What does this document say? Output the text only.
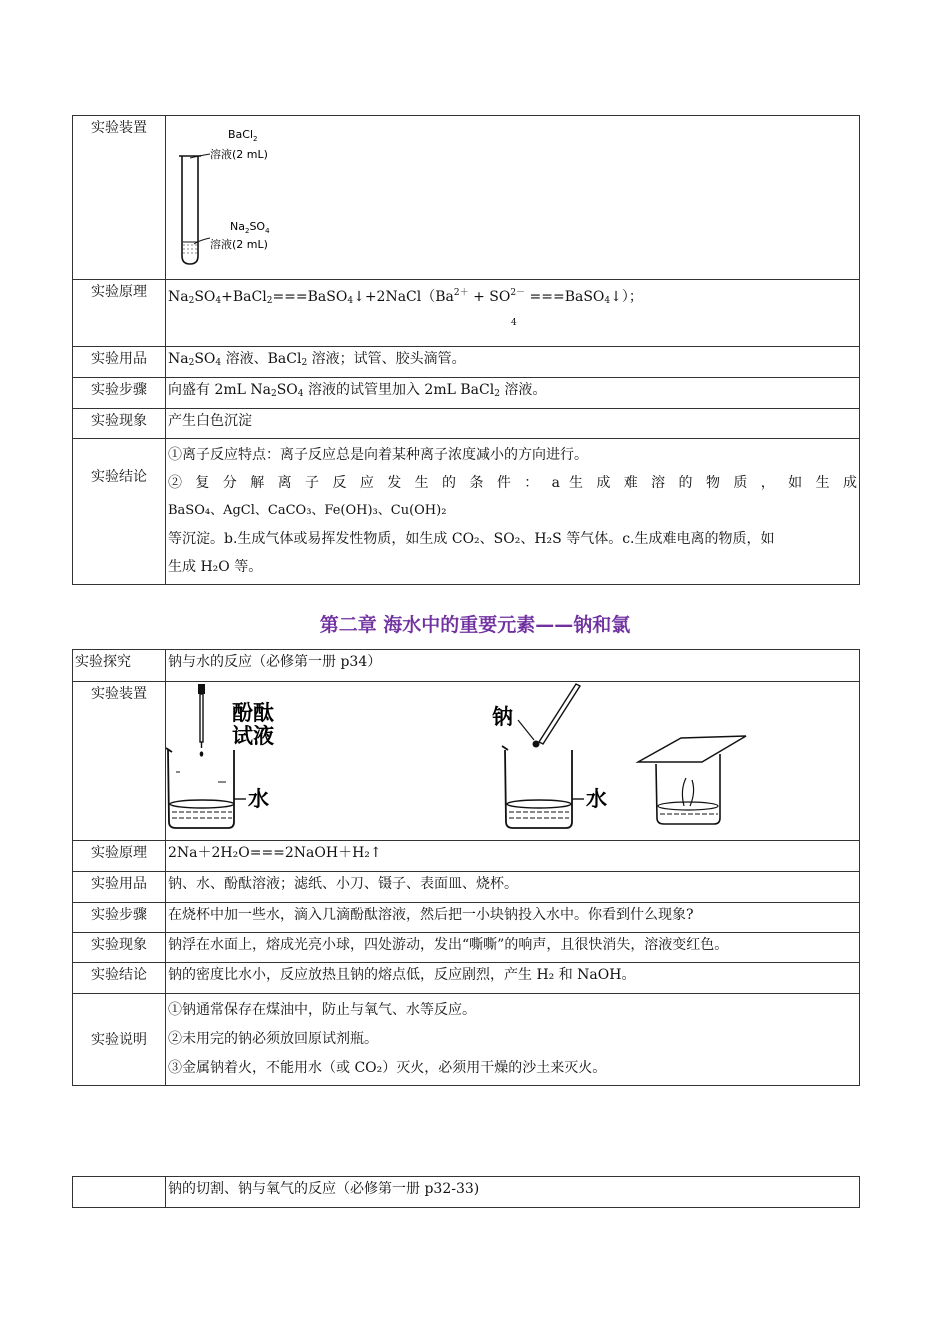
实验装置	BaCl$_2$
溶液(2 mL)
$Na_2SO_4$
溶液(2 mL)

实验原理	$Na_2SO_4+BaCl_2===BaSO_4↓+2NaCl(Ba^{2+} + SO^{2-}$ ===BaSO$_4$↓）；
4

实验用品	$Na_2SO_4$ 溶液、BaCl$_2$ 溶液；试管、胶头滴管。
实验步骤	向盛有 2mL $Na_2SO_4$ 溶液的试管里加入 2mL BaCl$_2$ 溶液。
实验现象	产生白色沉淀
实验结论	①离子反应特点：离子反应总是向着某种离子浓度减小的方向进行。
② 复 分 解 离 子 反 应 发 生 的 条 件 ： a 生 成 难 溶 的 物 质 ， 如 生 成
BaSO₄、AgCl、CaCO₃、Fe(OH)₃、Cu(OH)₂
等沉淀。b.生成气体或易挥发性物质，如生成 CO₂、SO₂、H₂S 等气体。c.生成难电离的物质，如
生成 H₂O 等。
第二章 海水中的重要元素——钠和氯
实验探究	钠与水的反应（必修第一册 p34）
实验装置	酚酞
试液
水
钠
水

实验原理	2Na＋2H₂O===2NaOH＋H₂↑
实验用品	钠、水、酚酞溶液；滤纸、小刀、镊子、表面皿、烧杯。
实验步骤	在烧杯中加一些水，滴入几滴酚酞溶液，然后把一小块钠投入水中。你看到什么现象?
实验现象	钠浮在水面上，熔成光亮小球，四处游动，发出“嘶嘶”的响声，且很快消失，溶液变红色。
实验结论	钠的密度比水小，反应放热且钠的熔点低，反应剧烈，产生 H₂ 和 NaOH。
实验说明	①钠通常保存在煤油中，防止与氧气、水等反应。
②未用完的钠必须放回原试剂瓶。
③金属钠着火，不能用水（或 CO₂）灭火，必须用干燥的沙土来灭火。
	钠的切割、钠与氧气的反应（必修第一册 p32-33)
